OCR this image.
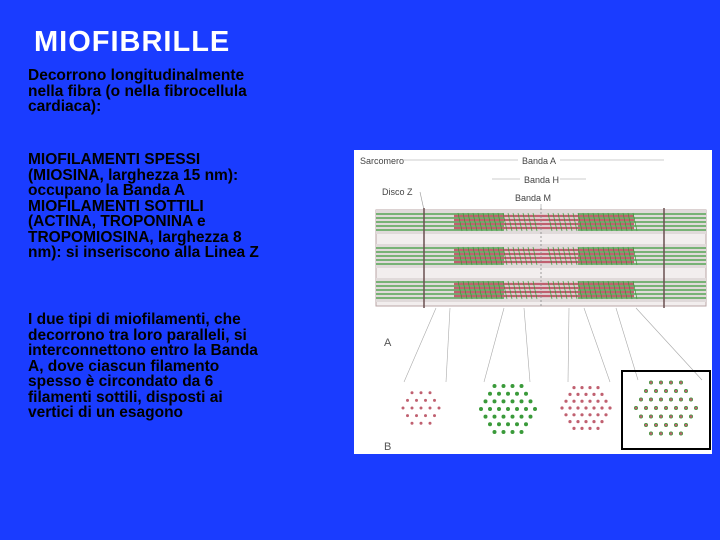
MIOFIBRILLE
Decorrono longitudinalmente
nella fibra (o nella fibrocellula
cardiaca):
MIOFILAMENTI SPESSI
(MIOSINA, larghezza 15 nm):
occupano la Banda A
MIOFILAMENTI SOTTILI
(ACTINA, TROPONINA e
TROPOMIOSINA, larghezza 8
nm): si inseriscono alla Linea Z
I due tipi di miofilamenti, che
decorrono tra loro paralleli, si
interconnettono entro la Banda
A, dove ciascun filamento
spesso è circondato da 6
filamenti sottili, disposti ai
vertici di un esagono
Sarcomero	Banda A
Banda H
Disco Z
Banda M
A
B
